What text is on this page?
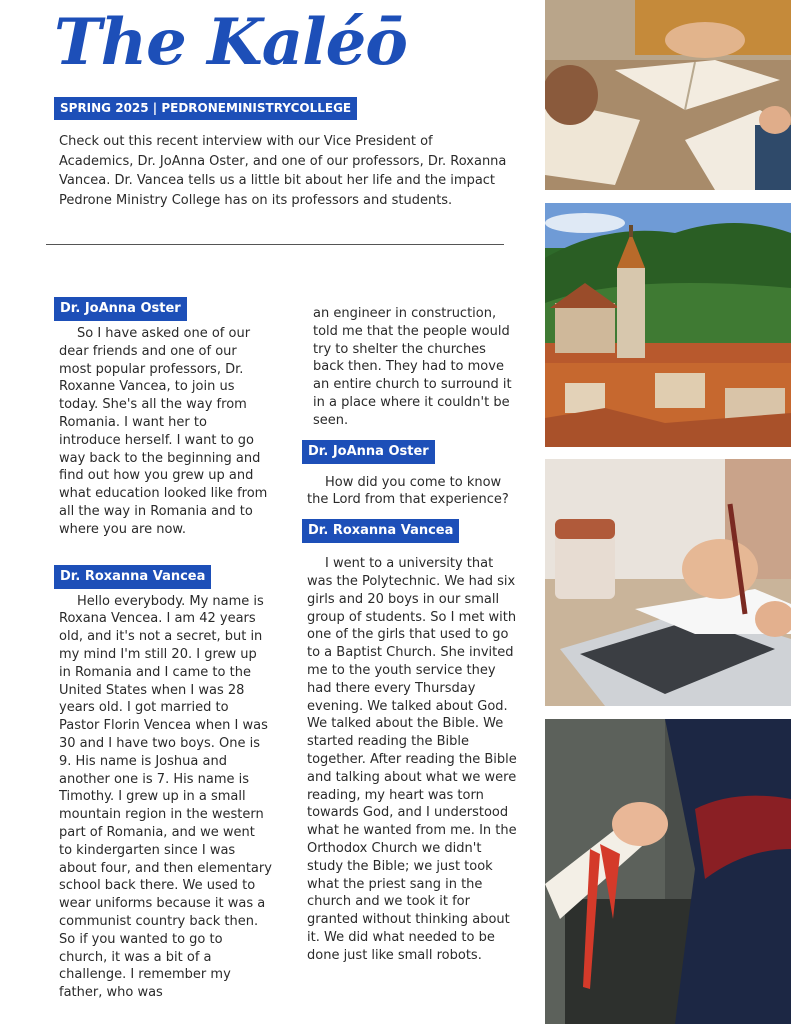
The Kaléō
SPRING 2025 | PEDRONEMINISTRYCOLLEGE

Check out this recent interview with our Vice President of Academics, Dr. JoAnna Oster, and one of our professors, Dr. Roxanna Vancea. Dr. Vancea tells us a little bit about her life and the impact Pedrone Ministry College has on its professors and students.

Dr. JoAnna Oster

So I have asked one of our dear friends and one of our most popular professors, Dr. Roxanne Vancea, to join us today. She's all the way from Romania. I want her to introduce herself. I want to go way back to the beginning and find out how you grew up and what education looked like from all the way in Romania and to where you are now.

Dr. Roxanna Vancea

Hello everybody. My name is Roxana Vencea. I am 42 years old, and it's not a secret, but in my mind I'm still 20. I grew up in Romania and I came to the United States when I was 28 years old. I got married to Pastor Florin Vencea when I was 30 and I have two boys. One is 9. His name is Joshua and another one is 7. His name is Timothy. I grew up in a small mountain region in the western part of Romania, and we went to kindergarten since I was about four, and then elementary school back there. We used to wear uniforms because it was a communist country back then. So if you wanted to go to church, it was a bit of a challenge. I remember my father, who was

an engineer in construction, told me that the people would try to shelter the churches back then. They had to move an entire church to surround it in a place where it couldn't be seen.

Dr. JoAnna Oster

How did you come to know the Lord from that experience?

Dr. Roxanna Vancea

I went to a university that was the Polytechnic. We had six girls and 20 boys in our small group of students. So I met with one of the girls that used to go to a Baptist Church. She invited me to the youth service they had there every Thursday evening. We talked about God. We talked about the Bible. We started reading the Bible together. After reading the Bible and talking about what we were reading, my heart was torn towards God, and I understood what he wanted from me. In the Orthodox Church we didn't study the Bible; we just took what the priest sang in the church and we took it for granted without thinking about it. We did what needed to be done just like small robots.
